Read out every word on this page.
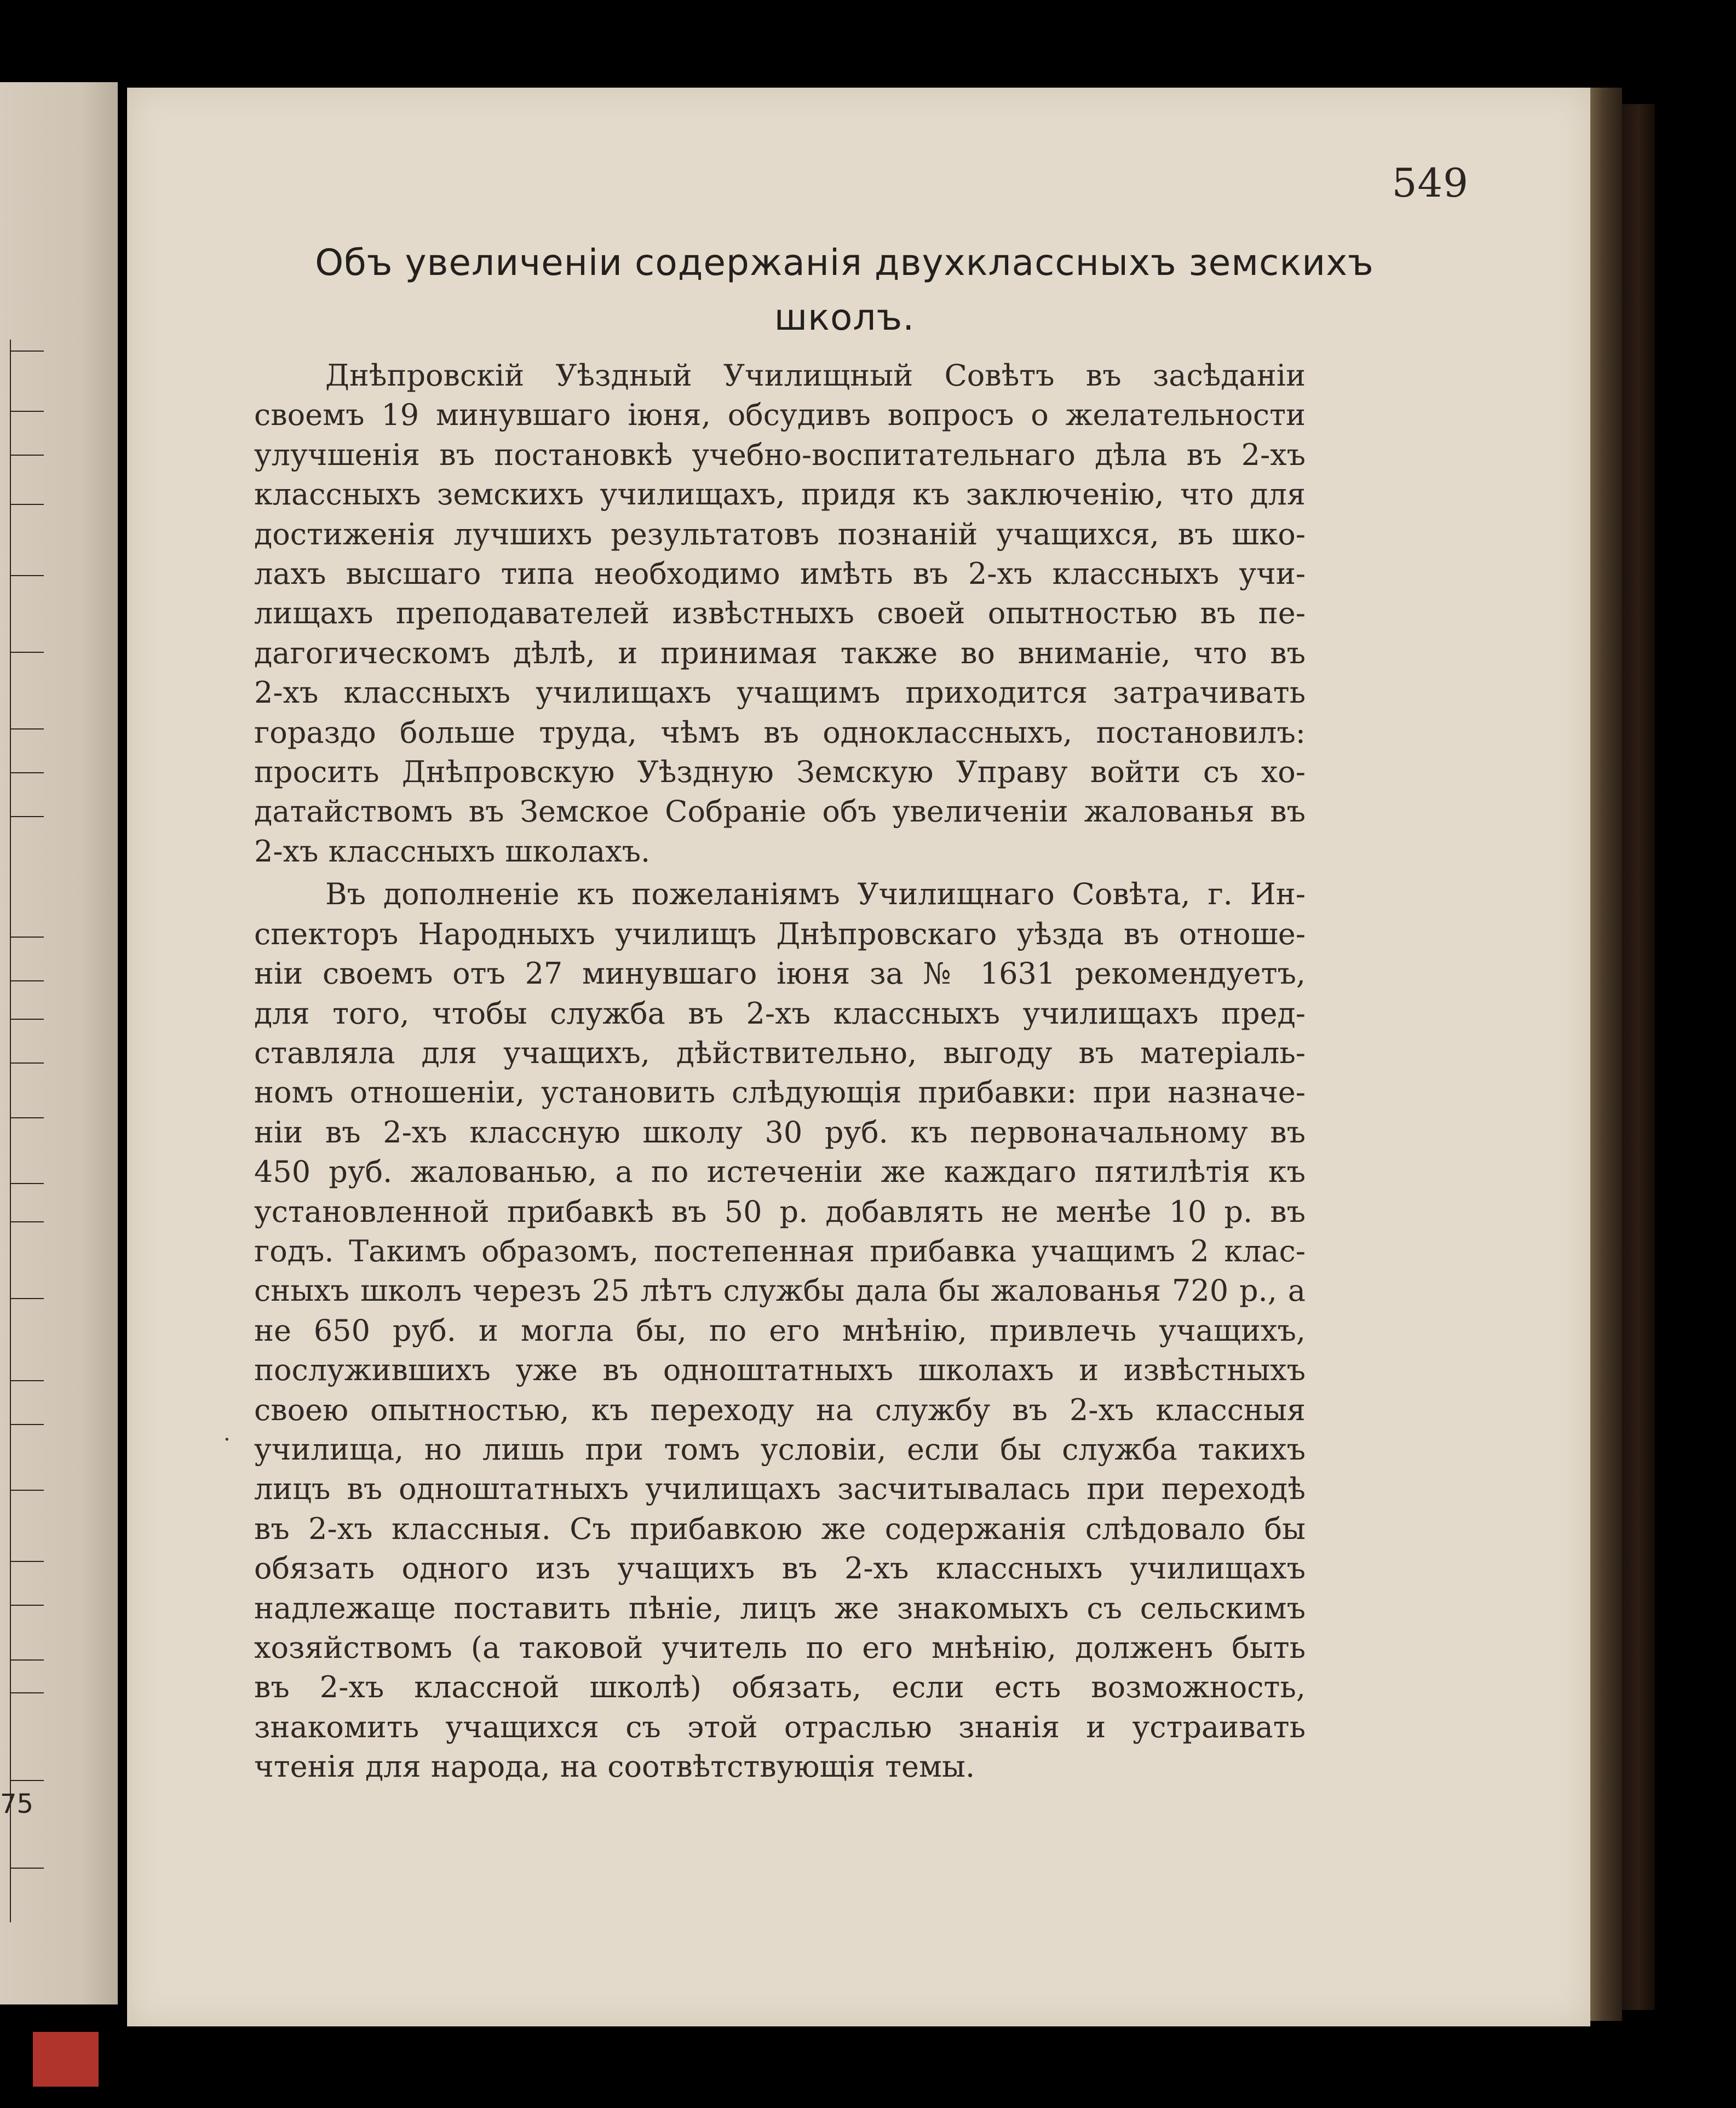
75
549
Объ увеличеніи содержанія двухклассныхъ земскихъ
школъ.
Днѣпровскій Уѣздный Училищный Совѣтъ въ засѣданіи
своемъ 19 минувшаго іюня, обсудивъ вопросъ о желательности
улучшенія въ постановкѣ учебно-воспитательнаго дѣла въ 2-хъ
классныхъ земскихъ училищахъ, придя къ заключенію, что для
достиженія лучшихъ результатовъ познаній учащихся, въ шко-
лахъ высшаго типа необходимо имѣть въ 2-хъ классныхъ учи-
лищахъ преподавателей извѣстныхъ своей опытностью въ пе-
дагогическомъ дѣлѣ, и принимая также во вниманіе, что въ
2-хъ классныхъ училищахъ учащимъ приходится затрачивать
гораздо больше труда, чѣмъ въ одноклассныхъ, постановилъ:
просить Днѣпровскую Уѣздную Земскую Управу войти съ хо-
датайствомъ въ Земское Собраніе объ увеличеніи жалованья въ
2-хъ классныхъ школахъ.
Въ дополненіе къ пожеланіямъ Училищнаго Совѣта, г. Ин-
спекторъ Народныхъ училищъ Днѣпровскаго уѣзда въ отноше-
ніи своемъ отъ 27 минувшаго іюня за № 1631 рекомендуетъ,
для того, чтобы служба въ 2-хъ классныхъ училищахъ пред-
ставляла для учащихъ, дѣйствительно, выгоду въ матеріаль-
номъ отношеніи, установить слѣдующія прибавки: при назначе-
ніи въ 2-хъ классную школу 30 руб. къ первоначальному въ
450 руб. жалованью, а по истеченіи же каждаго пятилѣтія къ
установленной прибавкѣ въ 50 р. добавлять не менѣе 10 р. въ
годъ. Такимъ образомъ, постепенная прибавка учащимъ 2 клас-
сныхъ школъ черезъ 25 лѣтъ службы дала бы жалованья 720 р., а
не 650 руб. и могла бы, по его мнѣнію, привлечь учащихъ,
послужившихъ уже въ одноштатныхъ школахъ и извѣстныхъ
своею опытностью, къ переходу на службу въ 2-хъ классныя
училища, но лишь при томъ условіи, если бы служба такихъ
лицъ въ одноштатныхъ училищахъ засчитывалась при переходѣ
въ 2-хъ классныя. Съ прибавкою же содержанія слѣдовало бы
обязать одного изъ учащихъ въ 2-хъ классныхъ училищахъ
надлежаще поставить пѣніе, лицъ же знакомыхъ съ сельскимъ
хозяйствомъ (а таковой учитель по его мнѣнію, долженъ быть
въ 2-хъ классной школѣ) обязать, если есть возможность,
знакомить учащихся съ этой отраслью знанія и устраивать
чтенія для народа, на соотвѣтствующія темы.
·
